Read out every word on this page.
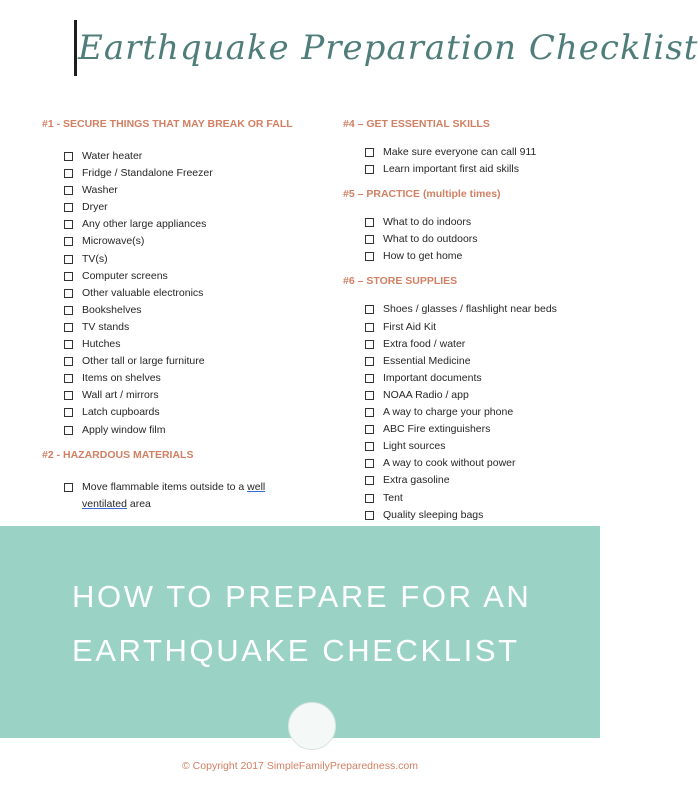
Earthquake Preparation Checklist
#1 - SECURE THINGS THAT MAY BREAK OR FALL
Water heater
Fridge / Standalone Freezer
Washer
Dryer
Any other large appliances
Microwave(s)
TV(s)
Computer screens
Other valuable electronics
Bookshelves
TV stands
Hutches
Other tall or large furniture
Items on shelves
Wall art / mirrors
Latch cupboards
Apply window film
#2 - HAZARDOUS MATERIALS
Move flammable items outside to a well ventilated area
#4 – GET ESSENTIAL SKILLS
Make sure everyone can call 911
Learn important first aid skills
#5 – PRACTICE (multiple times)
What to do indoors
What to do outdoors
How to get home
#6 – STORE SUPPLIES
Shoes / glasses / flashlight near beds
First Aid Kit
Extra food / water
Essential Medicine
Important documents
NOAA Radio / app
A way to charge your phone
ABC Fire extinguishers
Light sources
A way to cook without power
Extra gasoline
Tent
Quality sleeping bags
HOW TO PREPARE FOR AN
EARTHQUAKE CHECKLIST
© Copyright 2017 SimpleFamilyPreparedness.com
